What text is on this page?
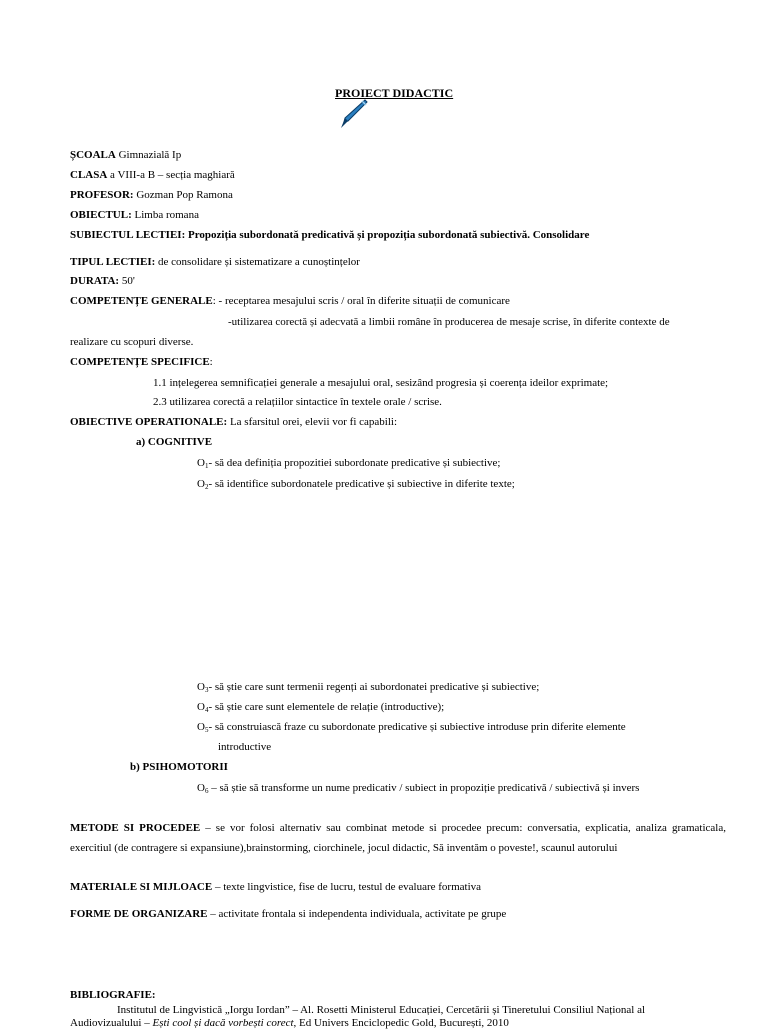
PROIECT DIDACTIC
ȘCOALA Gimnazială Ip
CLASA a VIII-a B – secția maghiară
PROFESOR: Gozman Pop Ramona
OBIECTUL: Limba romana
SUBIECTUL LECTIEI: Propoziția subordonată predicativă și propoziția subordonată subiectivă. Consolidare
TIPUL LECTIEI: de consolidare și sistematizare a cunoștințelor
DURATA: 50'
COMPETENȚE GENERALE: - receptarea mesajului scris / oral în diferite situații de comunicare
-utilizarea corectă și adecvată a limbii române în producerea de mesaje scrise, în diferite contexte de
realizare cu scopuri diverse.
COMPETENȚE SPECIFICE:
1.1 ințelegerea semnificației generale a mesajului oral, sesizând progresia și coerența ideilor exprimate;
2.3 utilizarea corectă a relațiilor sintactice în textele orale / scrise.
OBIECTIVE OPERATIONALE: La sfarsitul orei, elevii vor fi capabili:
a) COGNITIVE
$O_1-$ să dea definiția propozitiei subordonate predicative și subiective;
$O_2-$ să identifice subordonatele predicative și subiective in diferite texte;
$O_3-$ să știe care sunt termenii regenți ai subordonatei predicative și subiective;
$O_4-$ să știe care sunt elementele de relație (introductive);
$O_5-$ să construiască fraze cu subordonate predicative și subiective introduse prin diferite elemente
introductive
b) PSIHOMOTORII
$O_6$ – să știe să transforme un nume predicativ / subiect in propoziție predicativă / subiectivă și invers
METODE SI PROCEDEE – se vor folosi alternativ sau combinat metode si procedee precum: conversatia, explicatia, analiza gramaticala, exercitiul (de contragere si expansiune),brainstorming, ciorchinele, jocul didactic, Să inventăm o poveste!, scaunul autorului
MATERIALE SI MIJLOACE – texte lingvistice, fise de lucru, testul de evaluare formativa
FORME DE ORGANIZARE – activitate frontala si independenta individuala, activitate pe grupe
BIBLIOGRAFIE:
Institutul de Lingvistică „Iorgu Iordan” – Al. Rosetti Ministerul Educației, Cercetării și Tineretului Consiliul Național al
Audiovizualului – Ești cool și dacă vorbești corect, Ed Univers Enciclopedic Gold, București, 2010
